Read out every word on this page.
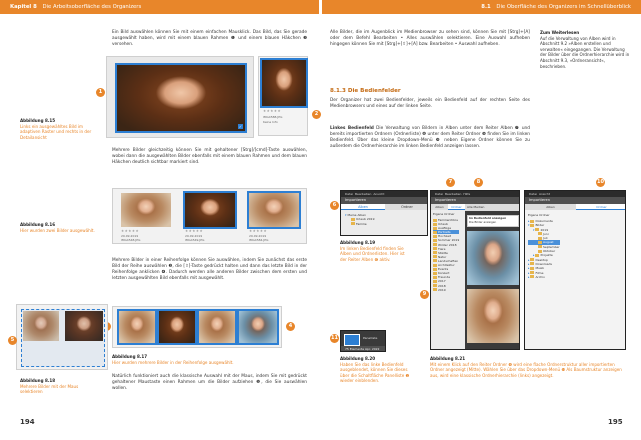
Kapitel 8 Die Arbeitsoberfläche des Organizers	8.1 Die Oberfläche des Organizers im Schnellüberblick
Ein Bild auswählen können Sie mit einem einfachen Mausklick. Das Bild, das Sie gerade ausgewählt haben, wird mit einem blauen Rahmen ❶ und einem blauen Häkchen ❷ versehen.
✓
★★★★★
IMG4588.JPG
Keine Info
1
2
Abbildung 8.15
Links ein ausgewähltes Bild im adaptiven Raster und rechts in der Detailansicht
Mehrere Bilder gleichzeitig können Sie mit gehaltener [Strg]/[cmd]-Taste auswählen, wobei dann die ausgewählten Bilder ebenfalls mit einem blauen Rahmen und dem blauen Häkchen deutlich sichtbar markiert sind.
★★★★★
29.09.2019
IMG4548.JPG
★★★★★
29.09.2019
IMG4549.JPG
★★★★★
29.09.2019
IMG4584.JPG
Abbildung 8.16
Hier wurden zwei Bilder ausgewählt.
Mehrere Bilder in einer Reihenfolge können Sie auswählen, indem Sie zunächst das erste Bild der Reihe auswählen ❸, die [⇧]-Taste gedrückt halten und dann das letzte Bild in der Reihenfolge anklicken ❹. Dadurch werden alle anderen Bilder zwischen dem ersten und letzten ausgewählten Bild ebenfalls mit ausgewählt.
4
5
Abbildung 8.17
Hier wurden mehrere Bilder in der Reihenfolge ausgewählt.
Abbildung 8.18
Mehrere Bilder mit der Maus selektieren
Natürlich funktioniert auch die klassische Auswahl mit der Maus, indem Sie mit gedrückt gehaltener Maustaste einen Rahmen um die Bilder aufziehen ❺, die Sie auswählen wollen.
194
Alle Bilder, die im Augenblick im Medienbrowser zu sehen sind, können Sie mit [Strg]+[A] oder dem Befehl Bearbeiten • Alles auswählen selektieren. Eine Auswahl aufheben hingegen können Sie mit [Strg]+[⇧]+[A] bzw. Bearbeiten • Auswahl aufheben.
Zum Weiterlesen
Auf die Verwaltung von Alben wird in Abschnitt 9.2 »Alben erstellen und verwalten« eingegangen. Die Verwaltung der Bilder über die Ordnerhierarchie wird in Abschnitt 9.3, »Ordneransicht«, beschrieben.
8.1.3 Die Bedienfelder
Der Organizer hat zwei Bedienfelder, jeweils ein Bedienfeld auf der rechten Seite des Medienbrowsers und eines auf der linken Seite.
Linkes Bedienfeld Die Verwaltung von Bildern in Alben unter dem Reiter Alben ❼ und bereits importierten Ordnern (Ordnerliste) ❽ unter dem Reiter Ordner ❾ finden Sie im linken Bedienfeld. Über das kleine Dropdown-Menü ❿ neben Eigene Ordner können Sie zu außerdem die Ordnerhierarchie im linken Bedienfeld anzeigen lassen.
Datei Bearbeiten Ansicht
Importieren
Alben	Ordner
▾ Meine Alben
Urlaub 2019
Familie
6
Abbildung 8.19
Im linken Bedienfeld finden Sie Alben und Ordnerlisten. Hier ist der Reiter Alben ❻ aktiv.
Panelliste
75 Elemente Apr. 2022
11
Abbildung 8.20
Haben Sie das linke Bedienfeld ausgeblendet, können Sie dieses über die Schaltfläche Panelliste ❶ wieder einblenden.
Datei Bearbeiten Hilfe
Importieren
Alben	Ordner
Eigene Ordner
Familienfotos
Urlaub
Ausflüge
Portraits
Hochzeit
Sommer 2019
Winter 2018
Tiere
Städte
Natur
Landschaften
Architektur
Events
Konzert
Freunde
2017
2018
2019
Alle Medien
Im Bedienfeld anzeigen
Die Bilder anzeigen
Datei Ansicht
Importieren
Alben	Ordner
Eigene Ordner
▸ Dokumente
▾ Bilder
▾ 2019
Juni
Juli
August
September
Oktober
▸ Projekte
▸ Desktop
▸ Downloads
▸ Musik
▸ Filme
▸ Archiv
7	8
9
10
Abbildung 8.21
Mit einem Klick auf den Reiter Ordner ❾ wird eine flache Ordnerstruktur aller importierten Ordner angezeigt (Mitte). Wählen Sie über das Dropdown-Menü ❿ Als Baumstruktur anzeigen aus, wird eine klassische Ordnerhierarchie (links) angezeigt.
195
